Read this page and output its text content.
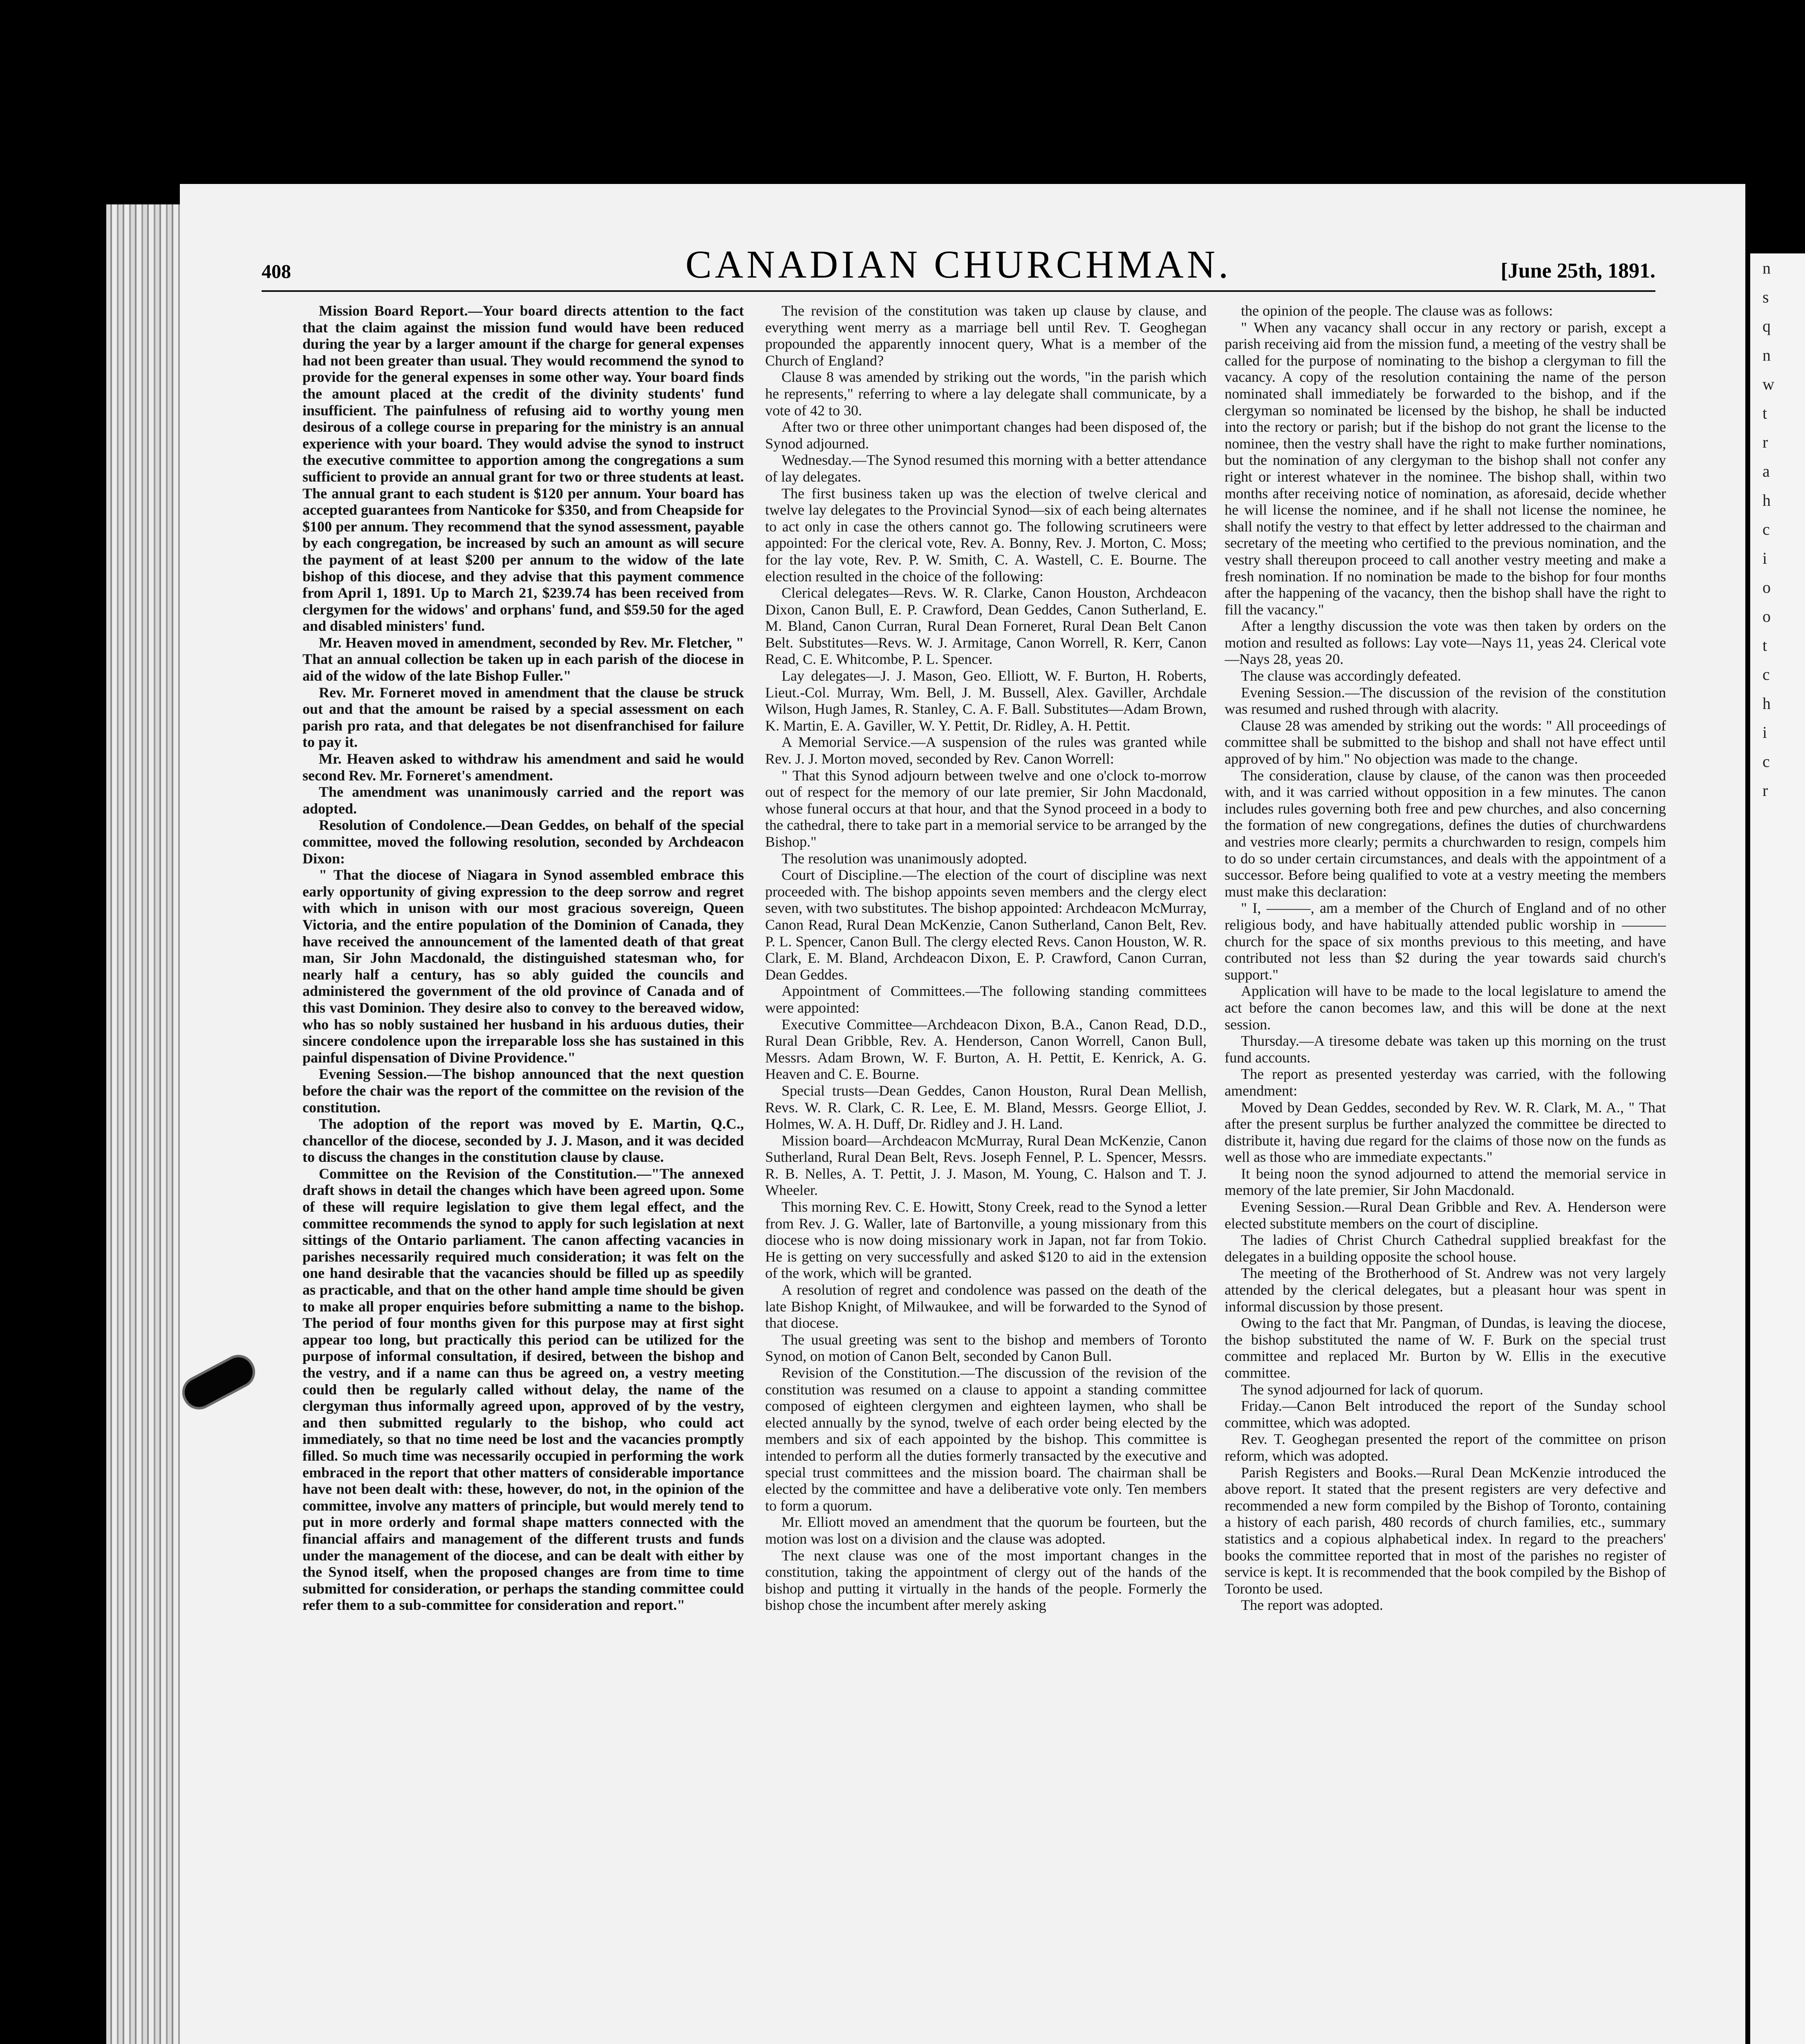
408	CANADIAN CHURCHMAN.	[June 25th, 1891.

Mission Board Report.—Your board directs attention to the fact that the claim against the mission fund would have been reduced during the year by a larger amount if the charge for general expenses had not been greater than usual. They would recommend the synod to provide for the general expenses in some other way. Your board finds the amount placed at the credit of the divinity students' fund insufficient. The painfulness of refusing aid to worthy young men desirous of a college course in preparing for the ministry is an annual experience with your board. They would advise the synod to instruct the executive committee to apportion among the congregations a sum sufficient to provide an annual grant for two or three students at least. The annual grant to each student is $120 per annum. Your board has accepted guarantees from Nanticoke for $350, and from Cheapside for $100 per annum. They recommend that the synod assessment, payable by each congregation, be increased by such an amount as will secure the payment of at least $200 per annum to the widow of the late bishop of this diocese, and they advise that this payment commence from April 1, 1891. Up to March 21, $239.74 has been received from clergymen for the widows' and orphans' fund, and $59.50 for the aged and disabled ministers' fund.

Mr. Heaven moved in amendment, seconded by Rev. Mr. Fletcher, " That an annual collection be taken up in each parish of the diocese in aid of the widow of the late Bishop Fuller."

Rev. Mr. Forneret moved in amendment that the clause be struck out and that the amount be raised by a special assessment on each parish pro rata, and that delegates be not disenfranchised for failure to pay it.

Mr. Heaven asked to withdraw his amendment and said he would second Rev. Mr. Forneret's amendment.

The amendment was unanimously carried and the report was adopted.

Resolution of Condolence.—Dean Geddes, on behalf of the special committee, moved the following resolution, seconded by Archdeacon Dixon:

" That the diocese of Niagara in Synod assembled embrace this early opportunity of giving expression to the deep sorrow and regret with which in unison with our most gracious sovereign, Queen Victoria, and the entire population of the Dominion of Canada, they have received the announcement of the lamented death of that great man, Sir John Macdonald, the distinguished statesman who, for nearly half a century, has so ably guided the councils and administered the government of the old province of Canada and of this vast Dominion. They desire also to convey to the bereaved widow, who has so nobly sustained her husband in his arduous duties, their sincere condolence upon the irreparable loss she has sustained in this painful dispensation of Divine Providence."

Evening Session.—The bishop announced that the next question before the chair was the report of the committee on the revision of the constitution.

The adoption of the report was moved by E. Martin, Q.C., chancellor of the diocese, seconded by J. J. Mason, and it was decided to discuss the changes in the constitution clause by clause.

Committee on the Revision of the Constitution.—"The annexed draft shows in detail the changes which have been agreed upon. Some of these will require legislation to give them legal effect, and the committee recommends the synod to apply for such legislation at next sittings of the Ontario parliament. The canon affecting vacancies in parishes necessarily required much consideration; it was felt on the one hand desirable that the vacancies should be filled up as speedily as practicable, and that on the other hand ample time should be given to make all proper enquiries before submitting a name to the bishop. The period of four months given for this purpose may at first sight appear too long, but practically this period can be utilized for the purpose of informal consultation, if desired, between the bishop and the vestry, and if a name can thus be agreed on, a vestry meeting could then be regularly called without delay, the name of the clergyman thus informally agreed upon, approved of by the vestry, and then submitted regularly to the bishop, who could act immediately, so that no time need be lost and the vacancies promptly filled. So much time was necessarily occupied in performing the work embraced in the report that other matters of considerable importance have not been dealt with: these, however, do not, in the opinion of the committee, involve any matters of principle, but would merely tend to put in more orderly and formal shape matters connected with the financial affairs and management of the different trusts and funds under the management of the diocese, and can be dealt with either by the Synod itself, when the proposed changes are from time to time submitted for consideration, or perhaps the standing committee could refer them to a sub-committee for consideration and report."

The revision of the constitution was taken up clause by clause, and everything went merry as a marriage bell until Rev. T. Geoghegan propounded the apparently innocent query, What is a member of the Church of England?

Clause 8 was amended by striking out the words, "in the parish which he represents," referring to where a lay delegate shall communicate, by a vote of 42 to 30.

After two or three other unimportant changes had been disposed of, the Synod adjourned.

Wednesday.—The Synod resumed this morning with a better attendance of lay delegates.

The first business taken up was the election of twelve clerical and twelve lay delegates to the Provincial Synod—six of each being alternates to act only in case the others cannot go. The following scrutineers were appointed: For the clerical vote, Rev. A. Bonny, Rev. J. Morton, C. Moss; for the lay vote, Rev. P. W. Smith, C. A. Wastell, C. E. Bourne. The election resulted in the choice of the following:

Clerical delegates—Revs. W. R. Clarke, Canon Houston, Archdeacon Dixon, Canon Bull, E. P. Crawford, Dean Geddes, Canon Sutherland, E. M. Bland, Canon Curran, Rural Dean Forneret, Rural Dean Belt Canon Belt. Substitutes—Revs. W. J. Armitage, Canon Worrell, R. Kerr, Canon Read, C. E. Whitcombe, P. L. Spencer.

Lay delegates—J. J. Mason, Geo. Elliott, W. F. Burton, H. Roberts, Lieut.-Col. Murray, Wm. Bell, J. M. Bussell, Alex. Gaviller, Archdale Wilson, Hugh James, R. Stanley, C. A. F. Ball. Substitutes—Adam Brown, K. Martin, E. A. Gaviller, W. Y. Pettit, Dr. Ridley, A. H. Pettit.

A Memorial Service.—A suspension of the rules was granted while Rev. J. J. Morton moved, seconded by Rev. Canon Worrell:

" That this Synod adjourn between twelve and one o'clock to-morrow out of respect for the memory of our late premier, Sir John Macdonald, whose funeral occurs at that hour, and that the Synod proceed in a body to the cathedral, there to take part in a memorial service to be arranged by the Bishop."

The resolution was unanimously adopted.

Court of Discipline.—The election of the court of discipline was next proceeded with. The bishop appoints seven members and the clergy elect seven, with two substitutes. The bishop appointed: Archdeacon McMurray, Canon Read, Rural Dean McKenzie, Canon Sutherland, Canon Belt, Rev. P. L. Spencer, Canon Bull. The clergy elected Revs. Canon Houston, W. R. Clark, E. M. Bland, Archdeacon Dixon, E. P. Crawford, Canon Curran, Dean Geddes.

Appointment of Committees.—The following standing committees were appointed:

Executive Committee—Archdeacon Dixon, B.A., Canon Read, D.D., Rural Dean Gribble, Rev. A. Henderson, Canon Worrell, Canon Bull, Messrs. Adam Brown, W. F. Burton, A. H. Pettit, E. Kenrick, A. G. Heaven and C. E. Bourne.

Special trusts—Dean Geddes, Canon Houston, Rural Dean Mellish, Revs. W. R. Clark, C. R. Lee, E. M. Bland, Messrs. George Elliot, J. Holmes, W. A. H. Duff, Dr. Ridley and J. H. Land.

Mission board—Archdeacon McMurray, Rural Dean McKenzie, Canon Sutherland, Rural Dean Belt, Revs. Joseph Fennel, P. L. Spencer, Messrs. R. B. Nelles, A. T. Pettit, J. J. Mason, M. Young, C. Halson and T. J. Wheeler.

This morning Rev. C. E. Howitt, Stony Creek, read to the Synod a letter from Rev. J. G. Waller, late of Bartonville, a young missionary from this diocese who is now doing missionary work in Japan, not far from Tokio. He is getting on very successfully and asked $120 to aid in the extension of the work, which will be granted.

A resolution of regret and condolence was passed on the death of the late Bishop Knight, of Milwaukee, and will be forwarded to the Synod of that diocese.

The usual greeting was sent to the bishop and members of Toronto Synod, on motion of Canon Belt, seconded by Canon Bull.

Revision of the Constitution.—The discussion of the revision of the constitution was resumed on a clause to appoint a standing committee composed of eighteen clergymen and eighteen laymen, who shall be elected annually by the synod, twelve of each order being elected by the members and six of each appointed by the bishop. This committee is intended to perform all the duties formerly transacted by the executive and special trust committees and the mission board. The chairman shall be elected by the committee and have a deliberative vote only. Ten members to form a quorum.

Mr. Elliott moved an amendment that the quorum be fourteen, but the motion was lost on a division and the clause was adopted.

The next clause was one of the most important changes in the constitution, taking the appointment of clergy out of the hands of the bishop and putting it virtually in the hands of the people. Formerly the bishop chose the incumbent after merely asking

the opinion of the people. The clause was as follows:

" When any vacancy shall occur in any rectory or parish, except a parish receiving aid from the mission fund, a meeting of the vestry shall be called for the purpose of nominating to the bishop a clergyman to fill the vacancy. A copy of the resolution containing the name of the person nominated shall immediately be forwarded to the bishop, and if the clergyman so nominated be licensed by the bishop, he shall be inducted into the rectory or parish; but if the bishop do not grant the license to the nominee, then the vestry shall have the right to make further nominations, but the nomination of any clergyman to the bishop shall not confer any right or interest whatever in the nominee. The bishop shall, within two months after receiving notice of nomination, as aforesaid, decide whether he will license the nominee, and if he shall not license the nominee, he shall notify the vestry to that effect by letter addressed to the chairman and secretary of the meeting who certified to the previous nomination, and the vestry shall thereupon proceed to call another vestry meeting and make a fresh nomination. If no nomination be made to the bishop for four months after the happening of the vacancy, then the bishop shall have the right to fill the vacancy."

After a lengthy discussion the vote was then taken by orders on the motion and resulted as follows: Lay vote—Nays 11, yeas 24. Clerical vote—Nays 28, yeas 20.

The clause was accordingly defeated.

Evening Session.—The discussion of the revision of the constitution was resumed and rushed through with alacrity.

Clause 28 was amended by striking out the words: " All proceedings of committee shall be submitted to the bishop and shall not have effect until approved of by him." No objection was made to the change.

The consideration, clause by clause, of the canon was then proceeded with, and it was carried without opposition in a few minutes. The canon includes rules governing both free and pew churches, and also concerning the formation of new congregations, defines the duties of churchwardens and vestries more clearly; permits a churchwarden to resign, compels him to do so under certain circumstances, and deals with the appointment of a successor. Before being qualified to vote at a vestry meeting the members must make this declaration:

" I, ———, am a member of the Church of England and of no other religious body, and have habitually attended public worship in ——— church for the space of six months previous to this meeting, and have contributed not less than $2 during the year towards said church's support."

Application will have to be made to the local legislature to amend the act before the canon becomes law, and this will be done at the next session.

Thursday.—A tiresome debate was taken up this morning on the trust fund accounts.

The report as presented yesterday was carried, with the following amendment:

Moved by Dean Geddes, seconded by Rev. W. R. Clark, M. A., " That after the present surplus be further analyzed the committee be directed to distribute it, having due regard for the claims of those now on the funds as well as those who are immediate expectants."

It being noon the synod adjourned to attend the memorial service in memory of the late premier, Sir John Macdonald.

Evening Session.—Rural Dean Gribble and Rev. A. Henderson were elected substitute members on the court of discipline.

The ladies of Christ Church Cathedral supplied breakfast for the delegates in a building opposite the school house.

The meeting of the Brotherhood of St. Andrew was not very largely attended by the clerical delegates, but a pleasant hour was spent in informal discussion by those present.

Owing to the fact that Mr. Pangman, of Dundas, is leaving the diocese, the bishop substituted the name of W. F. Burk on the special trust committee and replaced Mr. Burton by W. Ellis in the executive committee.

The synod adjourned for lack of quorum.

Friday.—Canon Belt introduced the report of the Sunday school committee, which was adopted.

Rev. T. Geoghegan presented the report of the committee on prison reform, which was adopted.

Parish Registers and Books.—Rural Dean McKenzie introduced the above report. It stated that the present registers are very defective and recommended a new form compiled by the Bishop of Toronto, containing a history of each parish, 480 records of church families, etc., summary statistics and a copious alphabetical index. In regard to the preachers' books the committee reported that in most of the parishes no register of service is kept. It is recommended that the book compiled by the Bishop of Toronto be used.

The report was adopted.

n
s
q
n
w
t
r
a
h
c
i
o
o
t
c
h
i
c
r
